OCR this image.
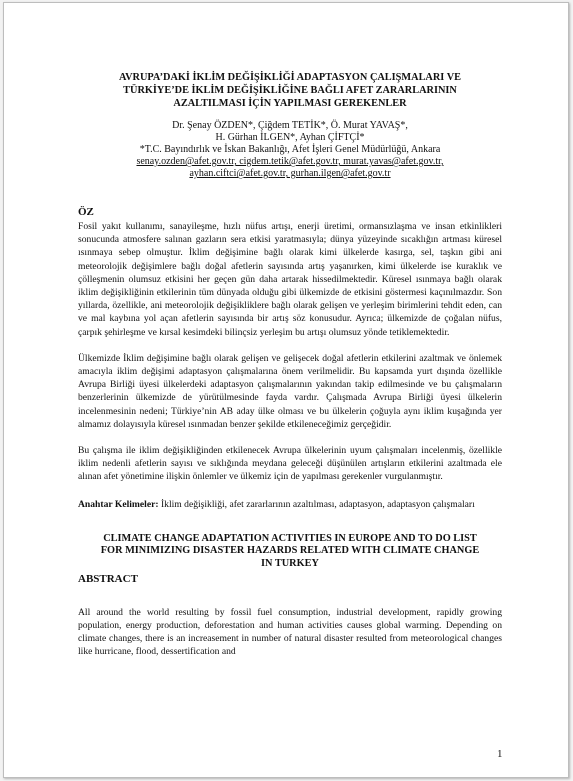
AVRUPA’DAKİ İKLİM DEĞİŞİKLİĞİ ADAPTASYON ÇALIŞMALARI VE
TÜRKİYE’DE İKLİM DEĞİŞİKLİĞİNE BAĞLI AFET ZARARLARININ
AZALTILMASI İÇİN YAPILMASI GEREKENLER
Dr. Şenay ÖZDEN*, Çiğdem TETİK*, Ö. Murat YAVAŞ*,
H. Gürhan İLGEN*, Ayhan ÇİFTÇİ*
*T.C. Bayındırlık ve İskan Bakanlığı, Afet İşleri Genel Müdürlüğü, Ankara
senay.ozden@afet.gov.tr, cigdem.tetik@afet.gov.tr, murat.yavas@afet.gov.tr,
ayhan.ciftci@afet.gov.tr, gurhan.ilgen@afet.gov.tr
ÖZ

Fosil yakıt kullanımı, sanayileşme, hızlı nüfus artışı, enerji üretimi, ormansızlaşma ve insan etkinlikleri sonucunda atmosfere salınan gazların sera etkisi yaratmasıyla; dünya yüzeyinde sıcaklığın artması küresel ısınmaya sebep olmuştur. İklim değişimine bağlı olarak kimi ülkelerde kasırga, sel, taşkın gibi ani meteorolojik değişimlere bağlı doğal afetlerin sayısında artış yaşanırken, kimi ülkelerde ise kuraklık ve çölleşmenin olumsuz etkisini her geçen gün daha artarak hissedilmektedir. Küresel ısınmaya bağlı olarak iklim değişikliğinin etkilerinin tüm dünyada olduğu gibi ülkemizde de etkisini göstermesi kaçınılmazdır. Son yıllarda, özellikle, ani meteorolojik değişikliklere bağlı olarak gelişen ve yerleşim birimlerini tehdit eden, can ve mal kaybına yol açan afetlerin sayısında bir artış söz konusudur. Ayrıca; ülkemizde de çoğalan nüfus, çarpık şehirleşme ve kırsal kesimdeki bilinçsiz yerleşim bu artışı olumsuz yönde tetiklemektedir.

Ülkemizde İklim değişimine bağlı olarak gelişen ve gelişecek doğal afetlerin etkilerini azaltmak ve önlemek amacıyla iklim değişimi adaptasyon çalışmalarına önem verilmelidir. Bu kapsamda yurt dışında özellikle Avrupa Birliği üyesi ülkelerdeki adaptasyon çalışmalarının yakından takip edilmesinde ve bu çalışmaların benzerlerinin ülkemizde de yürütülmesinde fayda vardır. Çalışmada Avrupa Birliği üyesi ülkelerin incelenmesinin nedeni; Türkiye’nin AB aday ülke olması ve bu ülkelerin çoğuyla aynı iklim kuşağında yer almamız dolayısıyla küresel ısınmadan benzer şekilde etkileneceğimiz gerçeğidir.

Bu çalışma ile iklim değişikliğinden etkilenecek Avrupa ülkelerinin uyum çalışmaları incelenmiş, özellikle iklim nedenli afetlerin sayısı ve sıklığında meydana geleceği düşünülen artışların etkilerini azaltmada ele alınan afet yönetimine ilişkin önlemler ve ülkemiz için de yapılması gerekenler vurgulanmıştır.

Anahtar Kelimeler: İklim değişikliği, afet zararlarının azaltılması, adaptasyon, adaptasyon çalışmaları
CLIMATE CHANGE ADAPTATION ACTIVITIES IN EUROPE AND TO DO LIST
FOR MINIMIZING DISASTER HAZARDS RELATED WITH CLIMATE CHANGE
IN TURKEY
ABSTRACT

All around the world resulting by fossil fuel consumption, industrial development, rapidly growing population, energy production, deforestation and human activities causes global warming. Depending on climate changes, there is an increasement in number of natural disaster resulted from meteorological changes like hurricane, flood, dessertification and

1
